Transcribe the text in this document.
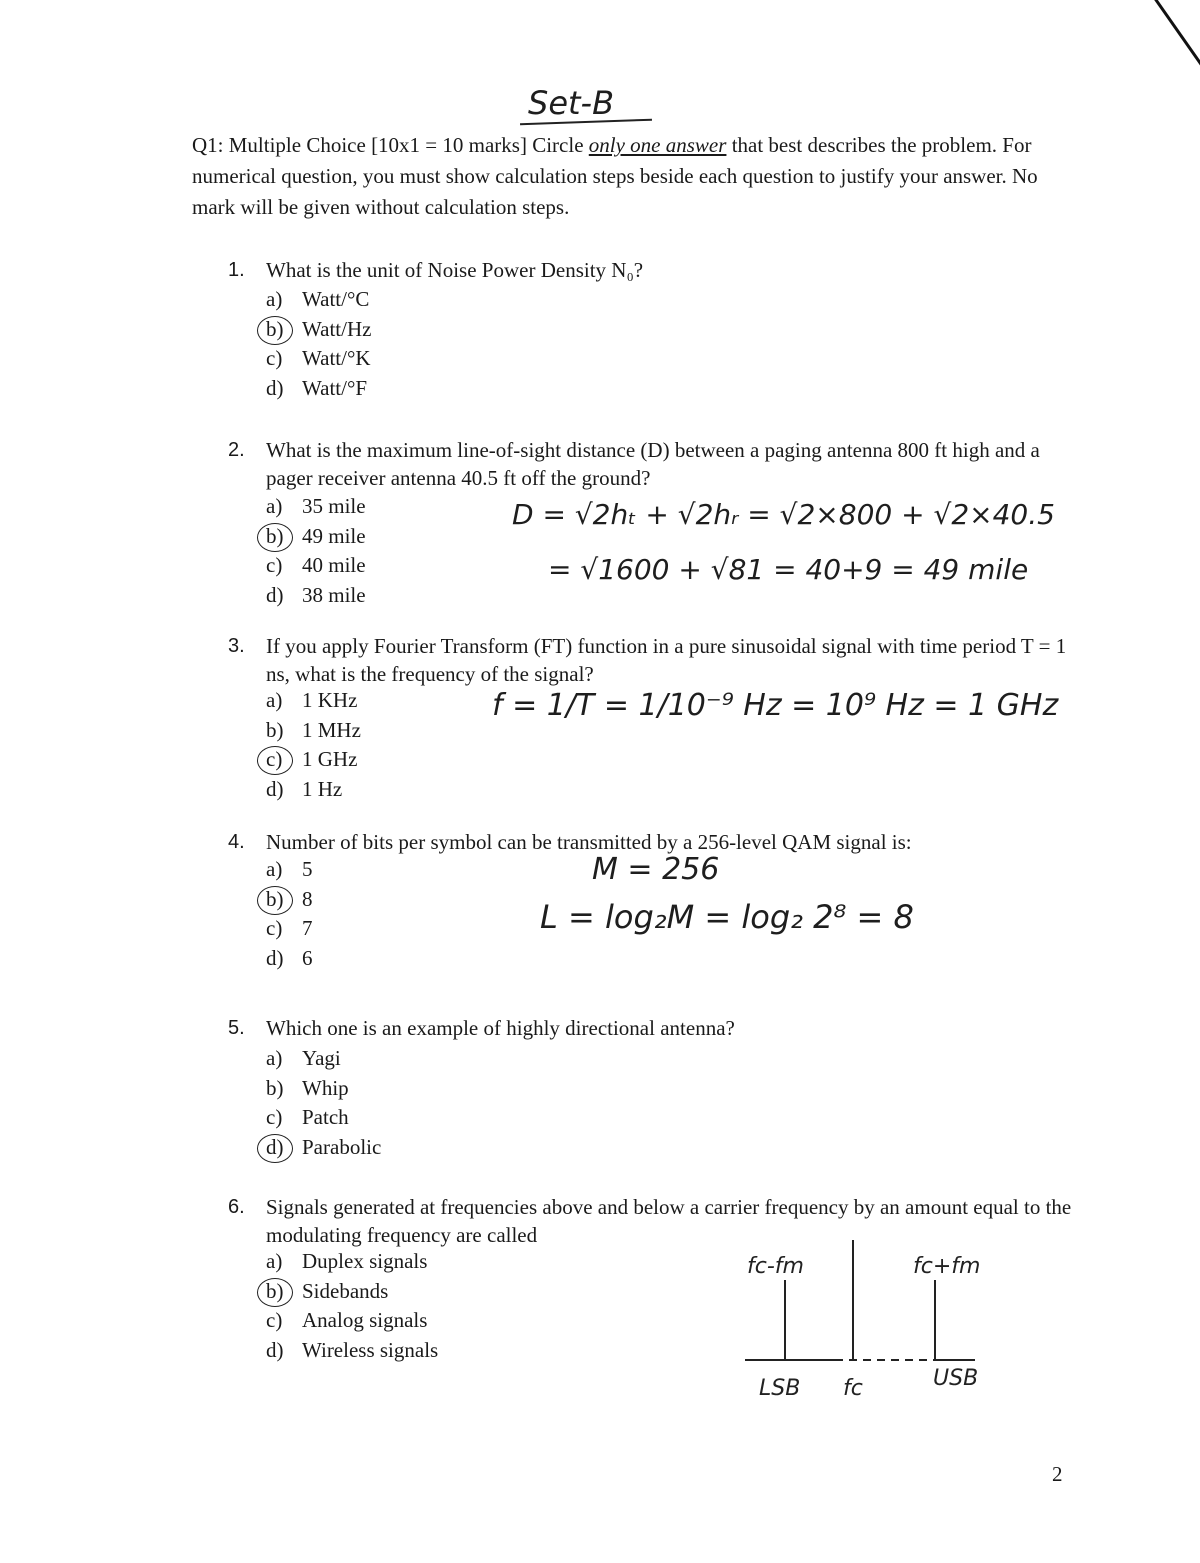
Set-B
Q1: Multiple Choice [10x1 = 10 marks] Circle only one answer that best describes the problem. For numerical question, you must show calculation steps beside each question to justify your answer. No mark will be given without calculation steps.
1. What is the unit of Noise Power Density N₀?
a) Watt/°C
b) Watt/Hz
c) Watt/°K
d) Watt/°F
2. What is the maximum line-of-sight distance (D) between a paging antenna 800 ft high and a pager receiver antenna 40.5 ft off the ground?
a) 35 mile
b) 49 mile
c) 40 mile
d) 38 mile
D = √2hₜ + √2hᵣ = √2×800 + √2×40.5
= √1600 + √81 = 40+9 = 49 mile
3. If you apply Fourier Transform (FT) function in a pure sinusoidal signal with time period T = 1 ns, what is the frequency of the signal?
a) 1 KHz
b) 1 MHz
c) 1 GHz
d) 1 Hz
f = 1/T = 1/10⁻⁹ Hz = 10⁹ Hz = 1 GHz
4. Number of bits per symbol can be transmitted by a 256-level QAM signal is:
a) 5
b) 8
c) 7
d) 6
M = 256
L = log₂M = log₂ 2⁸ = 8
5. Which one is an example of highly directional antenna?
a) Yagi
b) Whip
c) Patch
d) Parabolic
6. Signals generated at frequencies above and below a carrier frequency by an amount equal to the modulating frequency are called
a) Duplex signals
b) Sidebands
c) Analog signals
d) Wireless signals
fc-fm	fc+fm
LSB fc	USB
2
